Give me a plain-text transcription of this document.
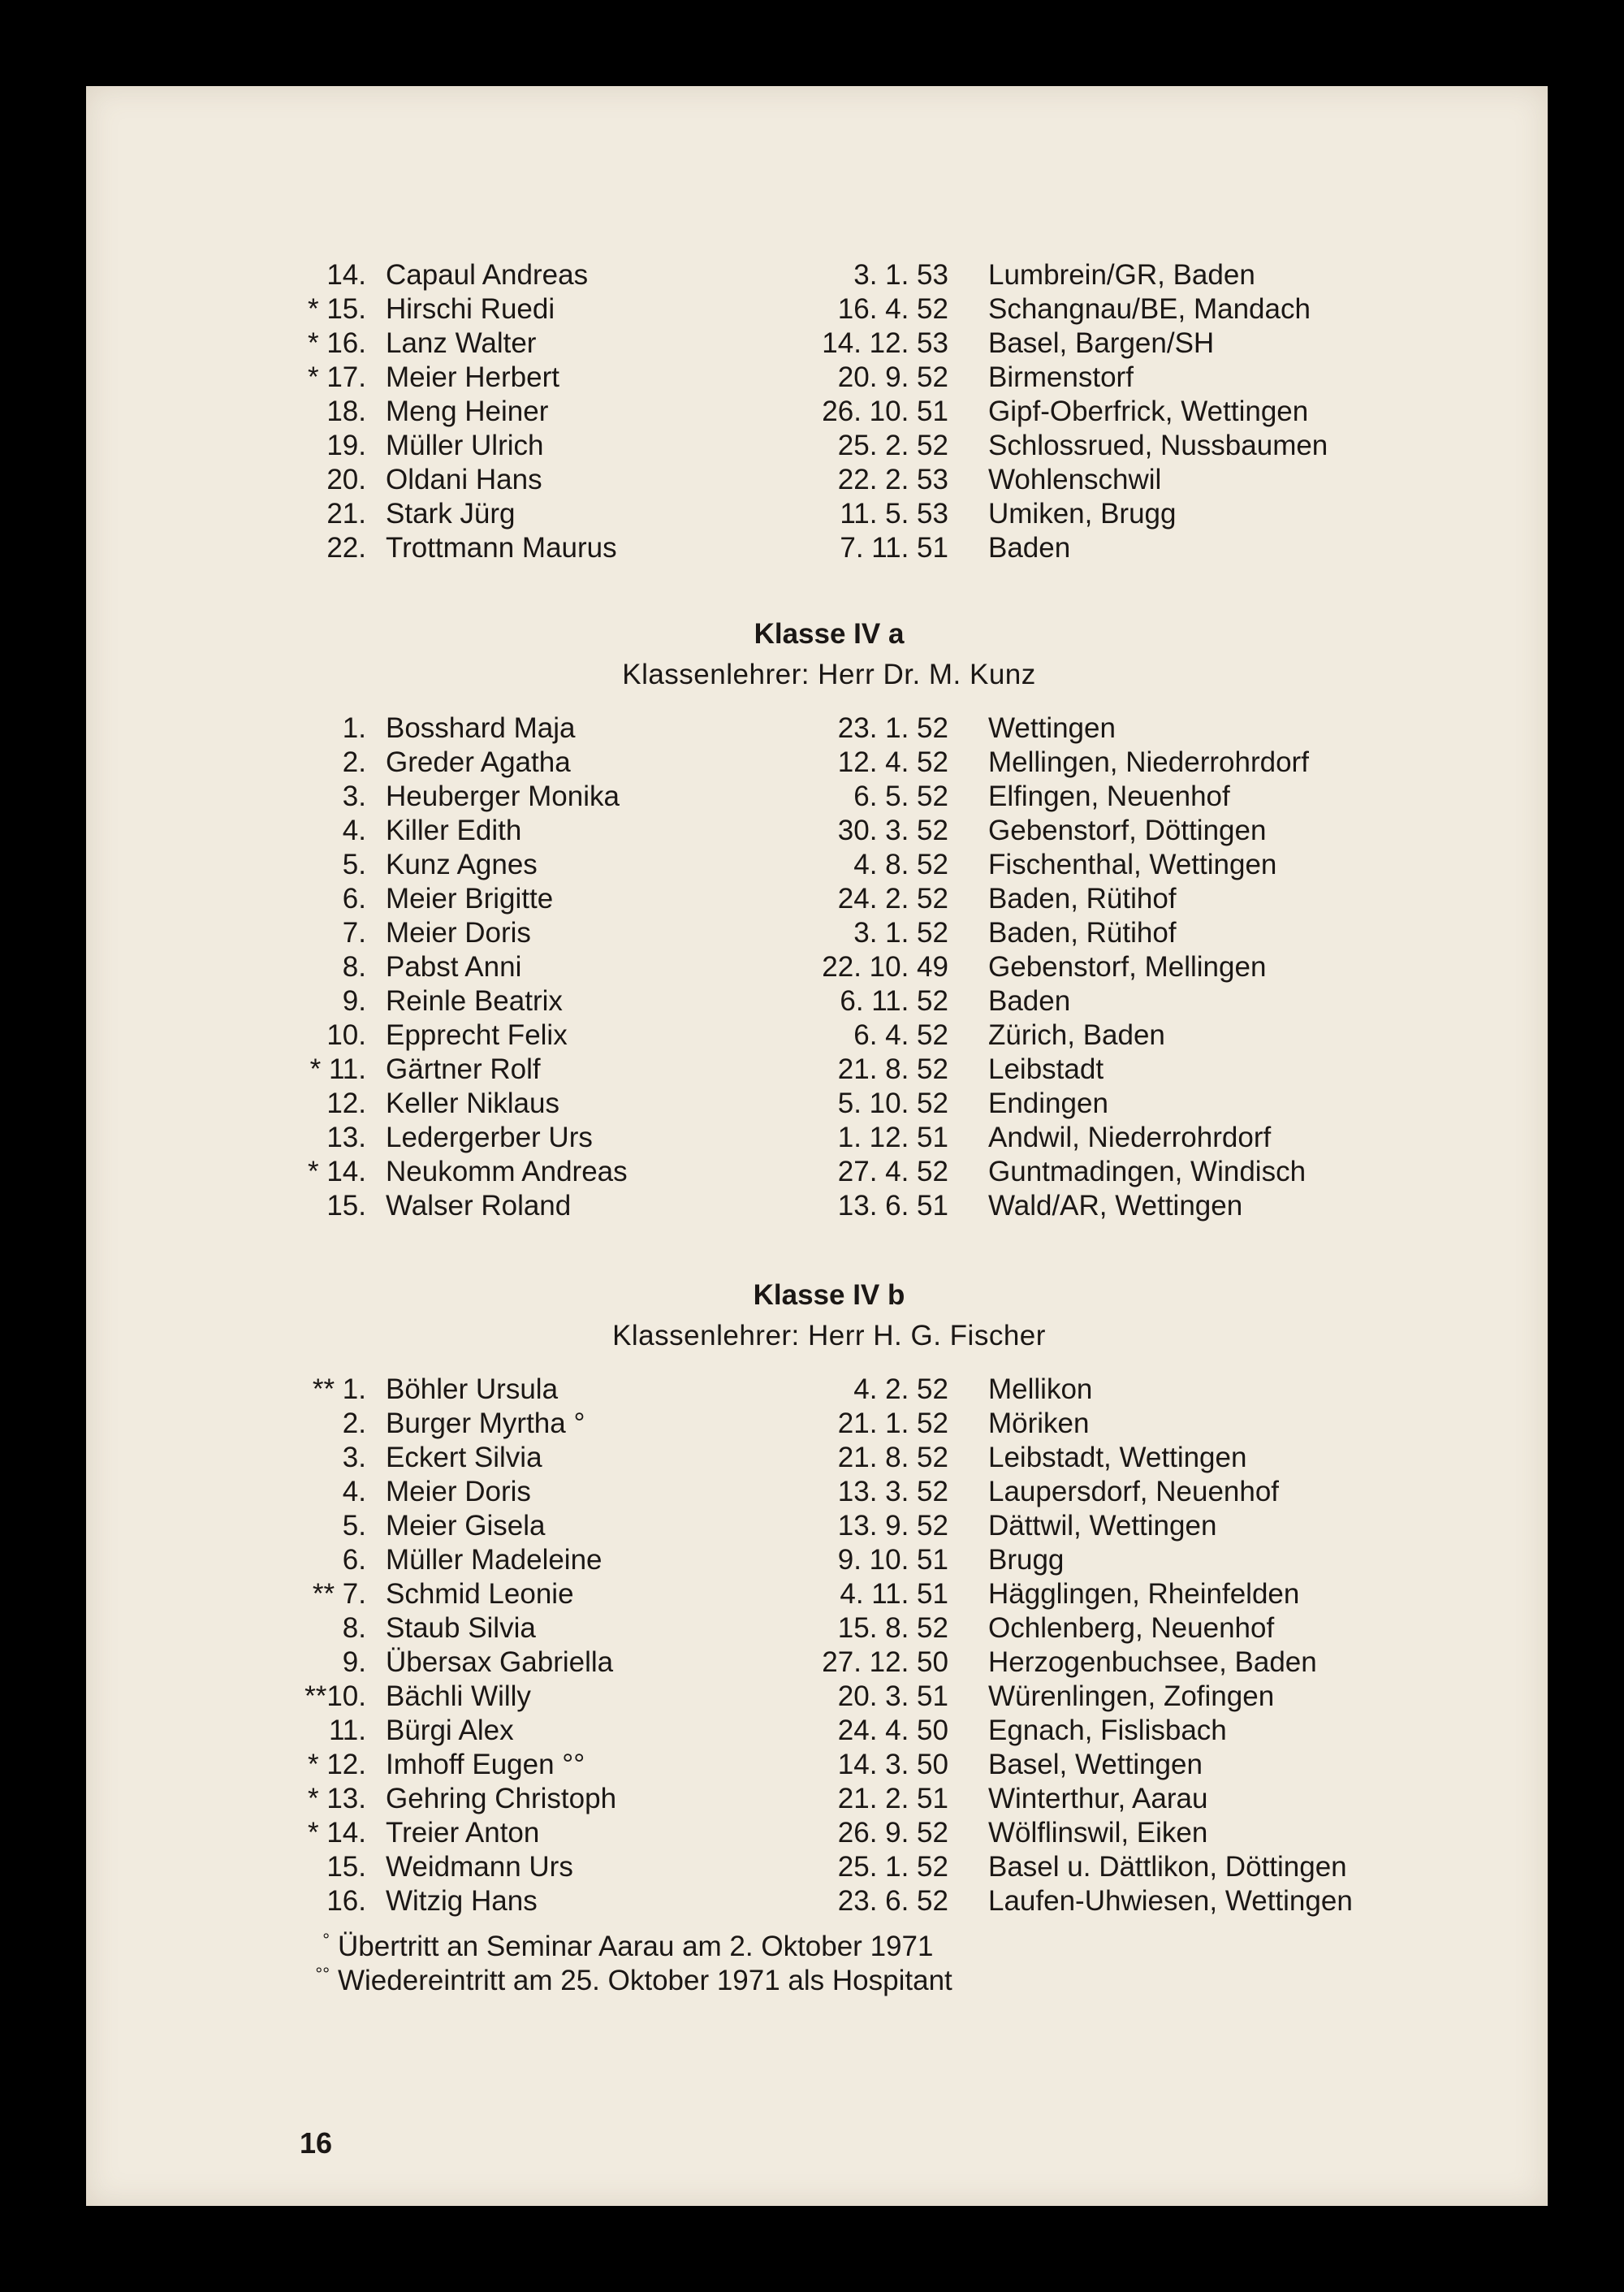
14. Capaul Andreas	3. 1. 53 Lumbrein/GR, Baden
* 15. Hirschi Ruedi	16. 4. 52 Schangnau/BE, Mandach
* 16. Lanz Walter	14. 12. 53 Basel, Bargen/SH
* 17. Meier Herbert	20. 9. 52 Birmenstorf
18. Meng Heiner	26. 10. 51 Gipf-Oberfrick, Wettingen
19. Müller Ulrich	25. 2. 52 Schlossrued, Nussbaumen
20. Oldani Hans	22. 2. 53 Wohlenschwil
21. Stark Jürg	11. 5. 53 Umiken, Brugg
22. Trottmann Maurus	7. 11. 51 Baden
Klasse IV a
Klassenlehrer: Herr Dr. M. Kunz
1. Bosshard Maja	23. 1. 52 Wettingen
2. Greder Agatha	12. 4. 52 Mellingen, Niederrohrdorf
3. Heuberger Monika	6. 5. 52 Elfingen, Neuenhof
4. Killer Edith	30. 3. 52 Gebenstorf, Döttingen
5. Kunz Agnes	4. 8. 52 Fischenthal, Wettingen
6. Meier Brigitte	24. 2. 52 Baden, Rütihof
7. Meier Doris	3. 1. 52 Baden, Rütihof
8. Pabst Anni	22. 10. 49 Gebenstorf, Mellingen
9. Reinle Beatrix	6. 11. 52 Baden
10. Epprecht Felix	6. 4. 52 Zürich, Baden
* 11. Gärtner Rolf	21. 8. 52 Leibstadt
12. Keller Niklaus	5. 10. 52 Endingen
13. Ledergerber Urs	1. 12. 51 Andwil, Niederrohrdorf
* 14. Neukomm Andreas	27. 4. 52 Guntmadingen, Windisch
15. Walser Roland	13. 6. 51 Wald/AR, Wettingen
Klasse IV b
Klassenlehrer: Herr H. G. Fischer
** 1. Böhler Ursula	4. 2. 52 Mellikon
2. Burger Myrtha °	21. 1. 52 Möriken
3. Eckert Silvia	21. 8. 52 Leibstadt, Wettingen
4. Meier Doris	13. 3. 52 Laupersdorf, Neuenhof
5. Meier Gisela	13. 9. 52 Dättwil, Wettingen
6. Müller Madeleine	9. 10. 51 Brugg
** 7. Schmid Leonie	4. 11. 51 Hägglingen, Rheinfelden
8. Staub Silvia	15. 8. 52 Ochlenberg, Neuenhof
9. Übersax Gabriella	27. 12. 50 Herzogenbuchsee, Baden
**10. Bächli Willy	20. 3. 51 Würenlingen, Zofingen
11. Bürgi Alex	24. 4. 50 Egnach, Fislisbach
* 12. Imhoff Eugen °°	14. 3. 50 Basel, Wettingen
* 13. Gehring Christoph	21. 2. 51 Winterthur, Aarau
* 14. Treier Anton	26. 9. 52 Wölflinswil, Eiken
15. Weidmann Urs	25. 1. 52 Basel u. Dättlikon, Döttingen
16. Witzig Hans	23. 6. 52 Laufen-Uhwiesen, Wettingen
° Übertritt an Seminar Aarau am 2. Oktober 1971
°° Wiedereintritt am 25. Oktober 1971 als Hospitant
16
